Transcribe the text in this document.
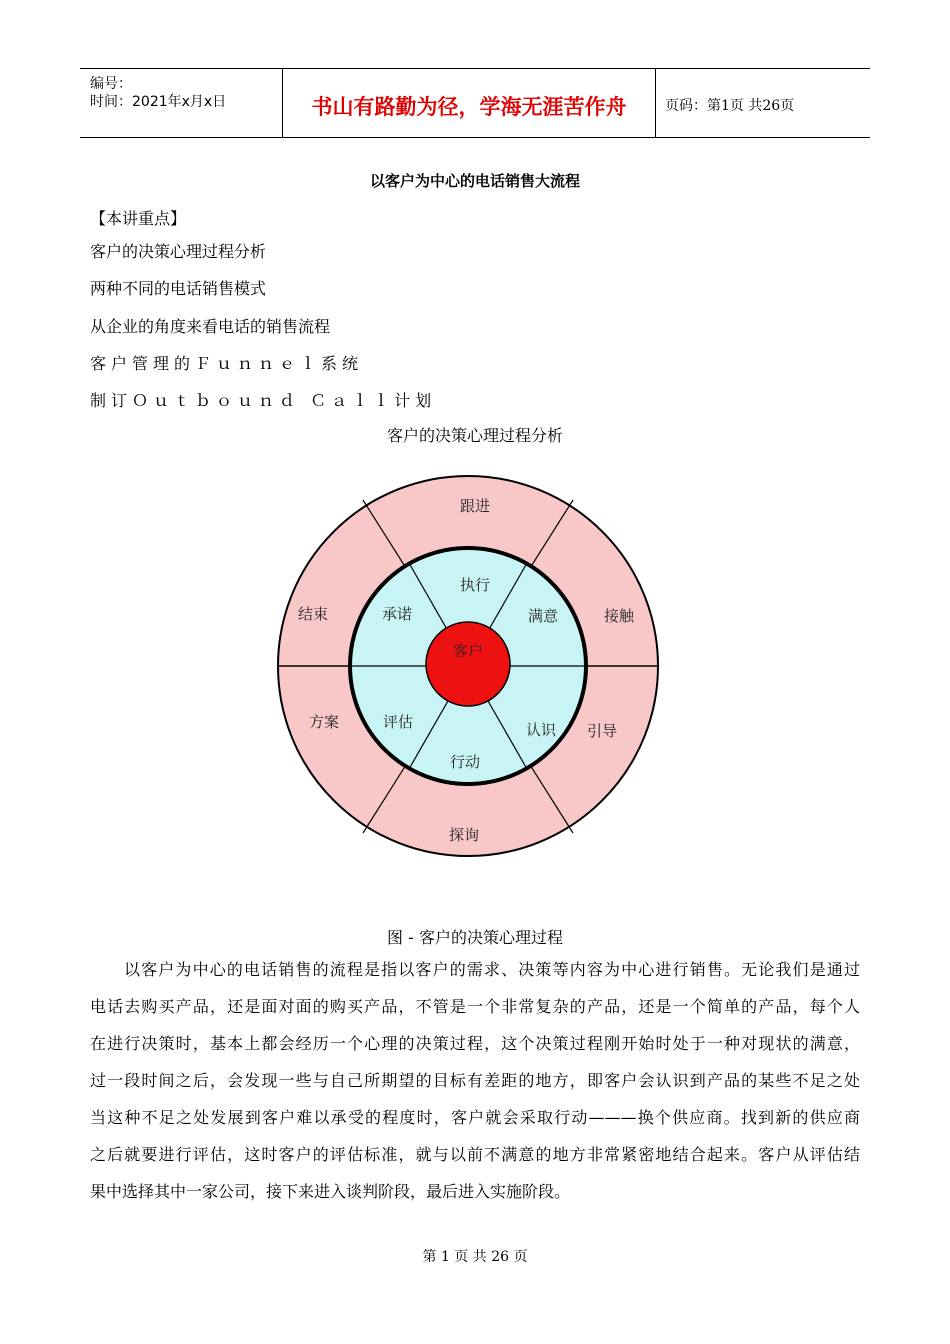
编号：
时间：2021年x月x日	书山有路勤为径，学海无涯苦作舟	页码：第1页 共26页
以客户为中心的电话销售大流程
【本讲重点】
客户的决策心理过程分析
两种不同的电话销售模式
从企业的角度来看电话的销售流程
客户管理的Ｆｕｎｎｅｌ系统
制订Ｏｕｔｂｏｕｎｄ Ｃａｌｌ计划
客户的决策心理过程分析
客户
执行
满意
认识
行动
评估
承诺
跟进
接触
引导
探询
方案
结束
图 - 客户的决策心理过程
以客户为中心的电话销售的流程是指以客户的需求、决策等内容为中心进行销售。无论我们是通过
电话去购买产品，还是面对面的购买产品，不管是一个非常复杂的产品，还是一个简单的产品，每个人
在进行决策时，基本上都会经历一个心理的决策过程，这个决策过程刚开始时处于一种对现状的满意，
过一段时间之后，会发现一些与自己所期望的目标有差距的地方，即客户会认识到产品的某些不足之处
当这种不足之处发展到客户难以承受的程度时，客户就会采取行动———换个供应商。找到新的供应商
之后就要进行评估，这时客户的评估标准，就与以前不满意的地方非常紧密地结合起来。客户从评估结
果中选择其中一家公司，接下来进入谈判阶段，最后进入实施阶段。
第 1 页 共 26 页
